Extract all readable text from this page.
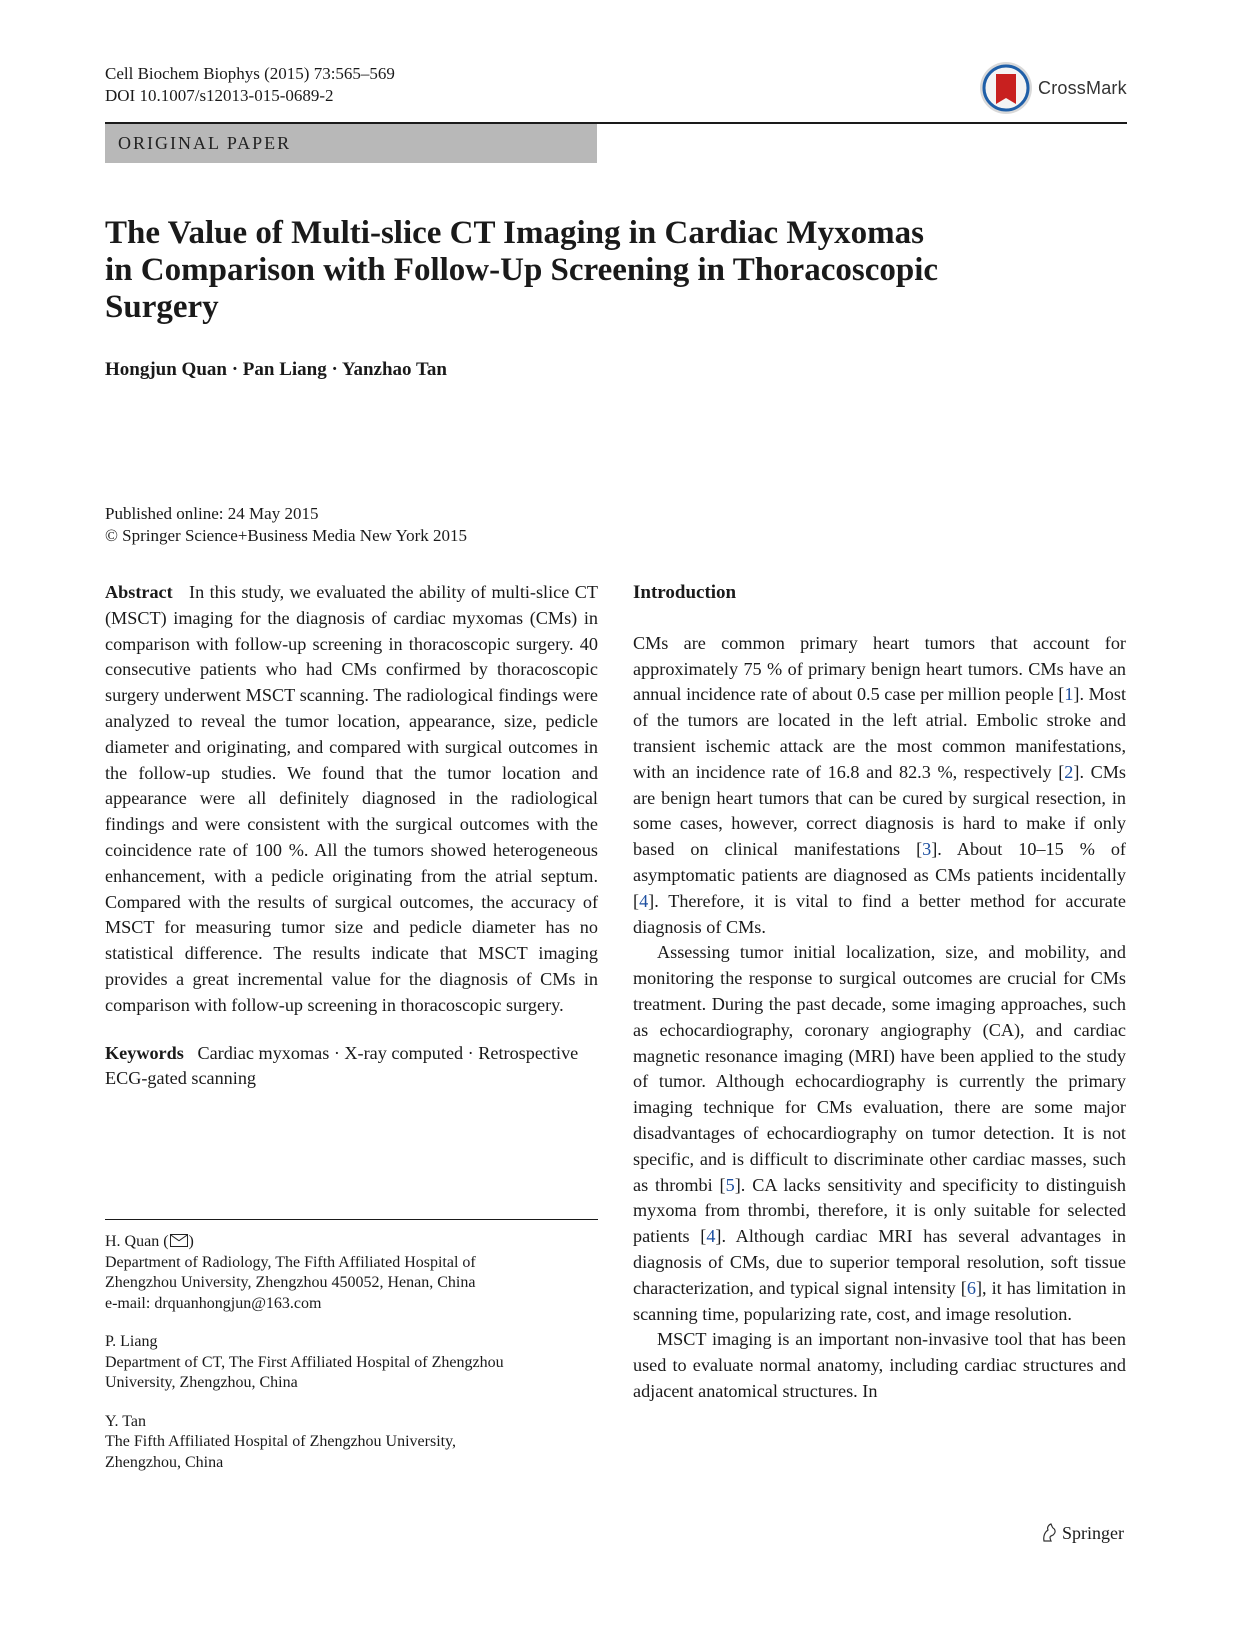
Cell Biochem Biophys (2015) 73:565–569
DOI 10.1007/s12013-015-0689-2	CrossMark
ORIGINAL PAPER
The Value of Multi-slice CT Imaging in Cardiac Myxomas
in Comparison with Follow-Up Screening in Thoracoscopic
Surgery
Hongjun Quan · Pan Liang · Yanzhao Tan
Published online: 24 May 2015
© Springer Science+Business Media New York 2015

Abstract In this study, we evaluated the ability of multi-slice CT (MSCT) imaging for the diagnosis of cardiac myxomas (CMs) in comparison with follow-up screening in thoracoscopic surgery. 40 consecutive patients who had CMs confirmed by thoracoscopic surgery underwent MSCT scanning. The radiological findings were analyzed to reveal the tumor location, appearance, size, pedicle diameter and originating, and compared with surgical outcomes in the follow-up studies. We found that the tumor location and appearance were all definitely diagnosed in the radiological findings and were consistent with the surgical outcomes with the coincidence rate of 100 %. All the tumors showed heterogeneous enhancement, with a pedicle originating from the atrial septum. Compared with the results of surgical outcomes, the accuracy of MSCT for measuring tumor size and pedicle diameter has no statistical difference. The results indicate that MSCT imaging provides a great incremental value for the diagnosis of CMs in comparison with follow-up screening in thoracoscopic surgery.

Keywords Cardiac myxomas · X-ray computed · Retrospective ECG-gated scanning

H. Quan ( )
Department of Radiology, The Fifth Affiliated Hospital of
Zhengzhou University, Zhengzhou 450052, Henan, China
e-mail: drquanhongjun@163.com
P. Liang
Department of CT, The First Affiliated Hospital of Zhengzhou
University, Zhengzhou, China
Y. Tan
The Fifth Affiliated Hospital of Zhengzhou University,
Zhengzhou, China

Introduction

CMs are common primary heart tumors that account for approximately 75 % of primary benign heart tumors. CMs have an annual incidence rate of about 0.5 case per million people [1]. Most of the tumors are located in the left atrial. Embolic stroke and transient ischemic attack are the most common manifestations, with an incidence rate of 16.8 and 82.3 %, respectively [2]. CMs are benign heart tumors that can be cured by surgical resection, in some cases, however, correct diagnosis is hard to make if only based on clinical manifestations [3]. About 10–15 % of asymptomatic patients are diagnosed as CMs patients incidentally [4]. Therefore, it is vital to find a better method for accurate diagnosis of CMs.

Assessing tumor initial localization, size, and mobility, and monitoring the response to surgical outcomes are crucial for CMs treatment. During the past decade, some imaging approaches, such as echocardiography, coronary angiography (CA), and cardiac magnetic resonance imaging (MRI) have been applied to the study of tumor. Although echocardiography is currently the primary imaging technique for CMs evaluation, there are some major disadvantages of echocardiography on tumor detection. It is not specific, and is difficult to discriminate other cardiac masses, such as thrombi [5]. CA lacks sensitivity and specificity to distinguish myxoma from thrombi, therefore, it is only suitable for selected patients [4]. Although cardiac MRI has several advantages in diagnosis of CMs, due to superior temporal resolution, soft tissue characterization, and typical signal intensity [6], it has limitation in scanning time, popularizing rate, cost, and image resolution.

MSCT imaging is an important non-invasive tool that has been used to evaluate normal anatomy, including cardiac structures and adjacent anatomical structures. In

Springer
